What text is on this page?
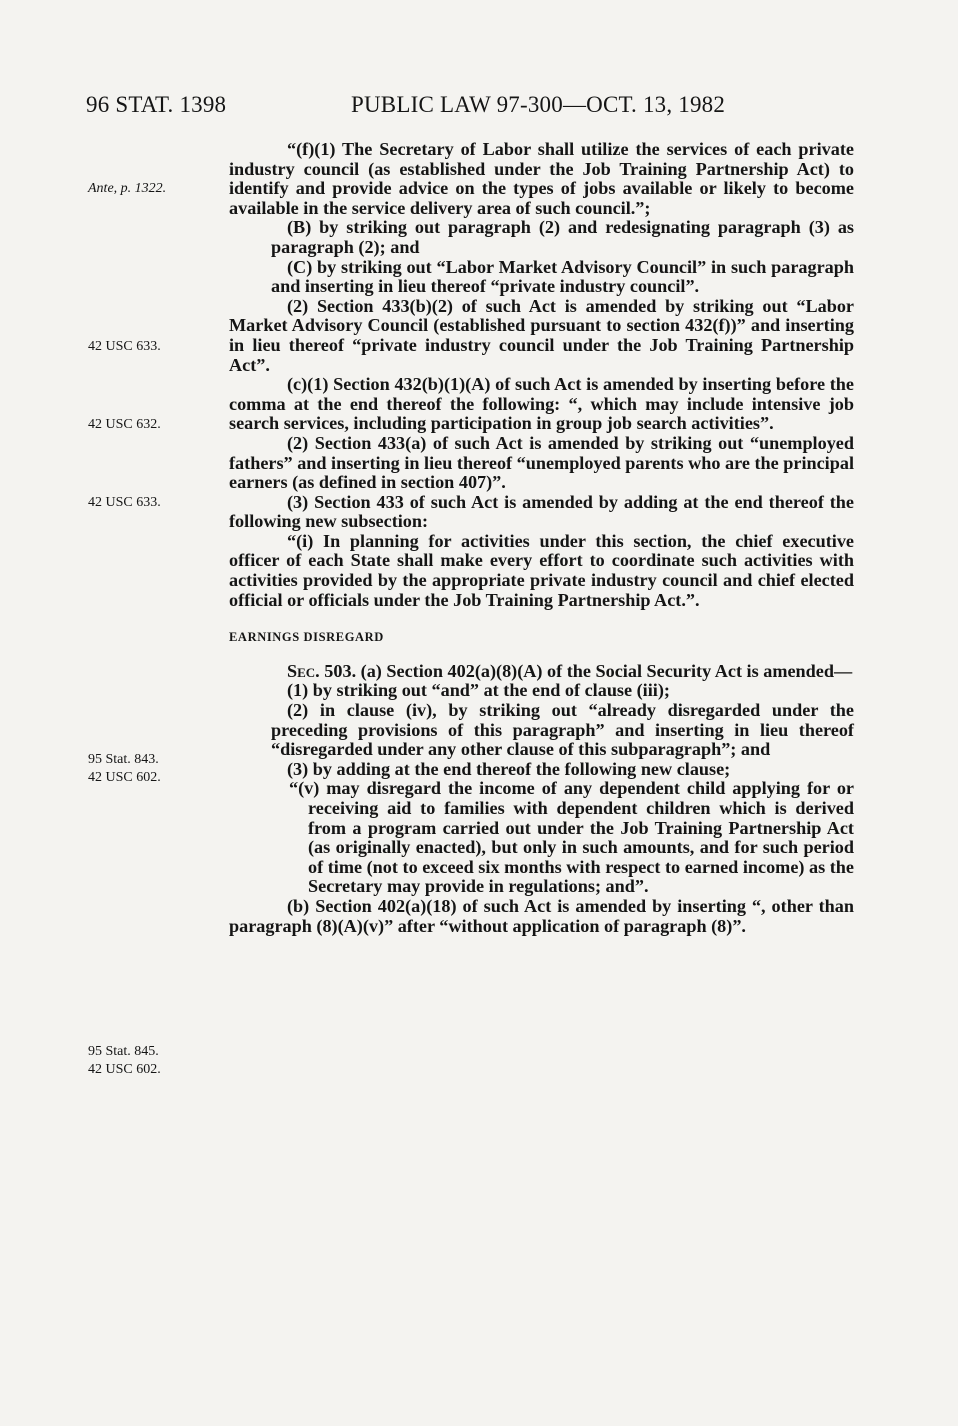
96 STAT. 1398	PUBLIC LAW 97-300—OCT. 13, 1982
Ante, p. 1322.
42 USC 633.
42 USC 632.
42 USC 633.
95 Stat. 843.
42 USC 602.
95 Stat. 845.
42 USC 602.

“(f)(1) The Secretary of Labor shall utilize the services of each private industry council (as established under the Job Training Partnership Act) to identify and provide advice on the types of jobs available or likely to become available in the service delivery area of such council.”;

(B) by striking out paragraph (2) and redesignating paragraph (3) as paragraph (2); and

(C) by striking out “Labor Market Advisory Council” in such paragraph and inserting in lieu thereof “private industry council”.

(2) Section 433(b)(2) of such Act is amended by striking out “Labor Market Advisory Council (established pursuant to section 432(f))” and inserting in lieu thereof “private industry council under the Job Training Partnership Act”.

(c)(1) Section 432(b)(1)(A) of such Act is amended by inserting before the comma at the end thereof the following: “, which may include intensive job search services, including participation in group job search activities”.

(2) Section 433(a) of such Act is amended by striking out “unemployed fathers” and inserting in lieu thereof “unemployed parents who are the principal earners (as defined in section 407)”.

(3) Section 433 of such Act is amended by adding at the end thereof the following new subsection:

“(i) In planning for activities under this section, the chief executive officer of each State shall make every effort to coordinate such activities with activities provided by the appropriate private industry council and chief elected official or officials under the Job Training Partnership Act.”.

EARNINGS DISREGARD

Sec. 503. (a) Section 402(a)(8)(A) of the Social Security Act is amended—

(1) by striking out “and” at the end of clause (iii);

(2) in clause (iv), by striking out “already disregarded under the preceding provisions of this paragraph” and inserting in lieu thereof “disregarded under any other clause of this subparagraph”; and

(3) by adding at the end thereof the following new clause;

“(v) may disregard the income of any dependent child applying for or receiving aid to families with dependent children which is derived from a program carried out under the Job Training Partnership Act (as originally enacted), but only in such amounts, and for such period of time (not to exceed six months with respect to earned income) as the Secretary may provide in regulations; and”.

(b) Section 402(a)(18) of such Act is amended by inserting “, other than paragraph (8)(A)(v)” after “without application of paragraph (8)”.
